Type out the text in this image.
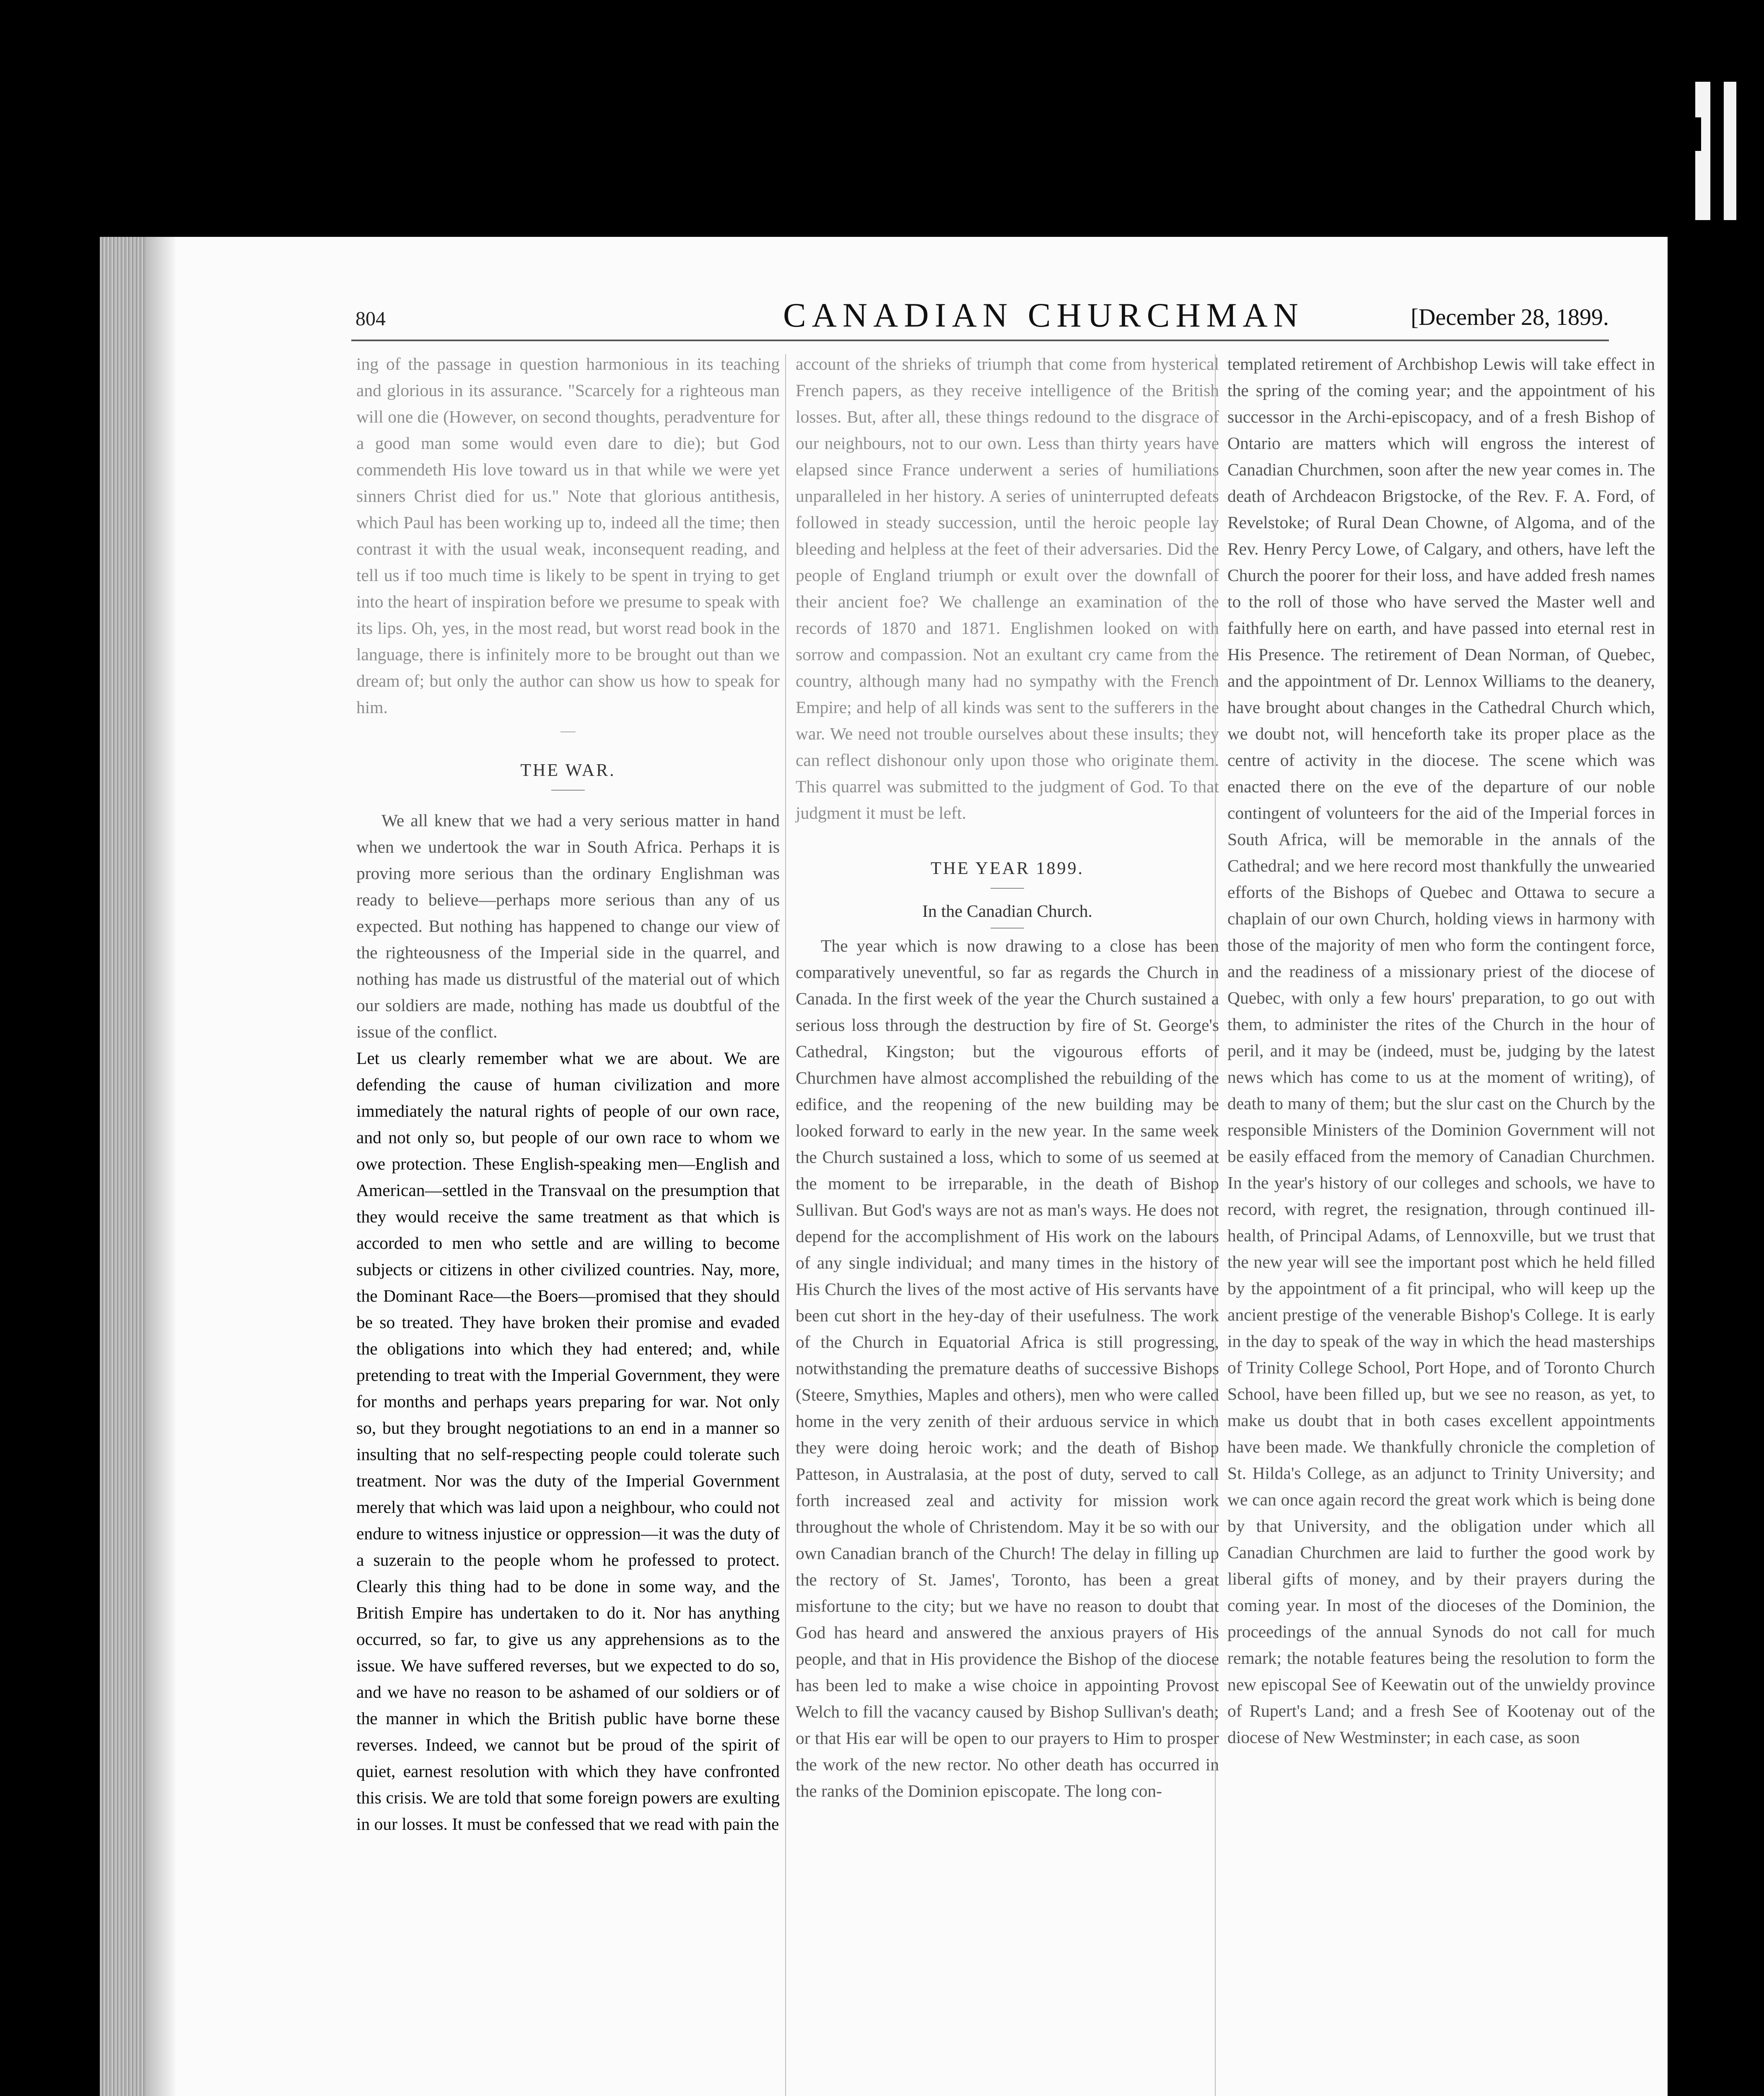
804	CANADIAN CHURCHMAN	[December 28, 1899.

ing of the passage in question harmonious in its teaching and glorious in its assurance. "Scarcely for a righteous man will one die (However, on second thoughts, peradventure for a good man some would even dare to die); but God commendeth His love toward us in that while we were yet sinners Christ died for us." Note that glorious antithesis, which Paul has been working up to, indeed all the time; then contrast it with the usual weak, inconsequent reading, and tell us if too much time is likely to be spent in trying to get into the heart of inspiration before we presume to speak with its lips. Oh, yes, in the most read, but worst read book in the language, there is infinitely more to be brought out than we dream of; but only the author can show us how to speak for him.

THE WAR.

We all knew that we had a very serious matter in hand when we undertook the war in South Africa. Perhaps it is proving more serious than the ordinary Englishman was ready to believe—perhaps more serious than any of us expected. But nothing has happened to change our view of the righteousness of the Imperial side in the quarrel, and nothing has made us distrustful of the material out of which our soldiers are made, nothing has made us doubtful of the issue of the conflict.

Let us clearly remember what we are about. We are defending the cause of human civilization and more immediately the natural rights of people of our own race, and not only so, but people of our own race to whom we owe protection. These English-speaking men—English and American—settled in the Transvaal on the presumption that they would receive the same treatment as that which is accorded to men who settle and are willing to become subjects or citizens in other civilized countries. Nay, more, the Dominant Race—the Boers—promised that they should be so treated. They have broken their promise and evaded the obligations into which they had entered; and, while pretending to treat with the Imperial Government, they were for months and perhaps years preparing for war. Not only so, but they brought negotiations to an end in a manner so insulting that no self-respecting people could tolerate such treatment. Nor was the duty of the Imperial Government merely that which was laid upon a neighbour, who could not endure to witness injustice or oppression—it was the duty of a suzerain to the people whom he professed to protect. Clearly this thing had to be done in some way, and the British Empire has undertaken to do it. Nor has anything occurred, so far, to give us any apprehensions as to the issue. We have suffered reverses, but we expected to do so, and we have no reason to be ashamed of our soldiers or of the manner in which the British public have borne these reverses. Indeed, we cannot but be proud of the spirit of quiet, earnest resolution with which they have confronted this crisis. We are told that some foreign powers are exulting in our losses. It must be confessed that we read with pain the

account of the shrieks of triumph that come from hysterical French papers, as they receive intelligence of the British losses. But, after all, these things redound to the disgrace of our neighbours, not to our own. Less than thirty years have elapsed since France underwent a series of humiliations unparalleled in her history. A series of uninterrupted defeats followed in steady succession, until the heroic people lay bleeding and helpless at the feet of their adversaries. Did the people of England triumph or exult over the downfall of their ancient foe? We challenge an examination of the records of 1870 and 1871. Englishmen looked on with sorrow and compassion. Not an exultant cry came from the country, although many had no sympathy with the French Empire; and help of all kinds was sent to the sufferers in the war. We need not trouble ourselves about these insults; they can reflect dishonour only upon those who originate them. This quarrel was submitted to the judgment of God. To that judgment it must be left.

THE YEAR 1899.

In the Canadian Church.

The year which is now drawing to a close has been comparatively uneventful, so far as regards the Church in Canada. In the first week of the year the Church sustained a serious loss through the destruction by fire of St. George's Cathedral, Kingston; but the vigourous efforts of Churchmen have almost accomplished the rebuilding of the edifice, and the reopening of the new building may be looked forward to early in the new year. In the same week the Church sustained a loss, which to some of us seemed at the moment to be irreparable, in the death of Bishop Sullivan. But God's ways are not as man's ways. He does not depend for the accomplishment of His work on the labours of any single individual; and many times in the history of His Church the lives of the most active of His servants have been cut short in the hey-day of their usefulness. The work of the Church in Equatorial Africa is still progressing, notwithstanding the premature deaths of successive Bishops (Steere, Smythies, Maples and others), men who were called home in the very zenith of their arduous service in which they were doing heroic work; and the death of Bishop Patteson, in Australasia, at the post of duty, served to call forth increased zeal and activity for mission work throughout the whole of Christendom. May it be so with our own Canadian branch of the Church! The delay in filling up the rectory of St. James', Toronto, has been a great misfortune to the city; but we have no reason to doubt that God has heard and answered the anxious prayers of His people, and that in His providence the Bishop of the diocese has been led to make a wise choice in appointing Provost Welch to fill the vacancy caused by Bishop Sullivan's death; or that His ear will be open to our prayers to Him to prosper the work of the new rector. No other death has occurred in the ranks of the Dominion episcopate. The long con-

templated retirement of Archbishop Lewis will take effect in the spring of the coming year; and the appointment of his successor in the Archi-episcopacy, and of a fresh Bishop of Ontario are matters which will engross the interest of Canadian Churchmen, soon after the new year comes in. The death of Archdeacon Brigstocke, of the Rev. F. A. Ford, of Revelstoke; of Rural Dean Chowne, of Algoma, and of the Rev. Henry Percy Lowe, of Calgary, and others, have left the Church the poorer for their loss, and have added fresh names to the roll of those who have served the Master well and faithfully here on earth, and have passed into eternal rest in His Presence. The retirement of Dean Norman, of Quebec, and the appointment of Dr. Lennox Williams to the deanery, have brought about changes in the Cathedral Church which, we doubt not, will henceforth take its proper place as the centre of activity in the diocese. The scene which was enacted there on the eve of the departure of our noble contingent of volunteers for the aid of the Imperial forces in South Africa, will be memorable in the annals of the Cathedral; and we here record most thankfully the unwearied efforts of the Bishops of Quebec and Ottawa to secure a chaplain of our own Church, holding views in harmony with those of the majority of men who form the contingent force, and the readiness of a missionary priest of the diocese of Quebec, with only a few hours' preparation, to go out with them, to administer the rites of the Church in the hour of peril, and it may be (indeed, must be, judging by the latest news which has come to us at the moment of writing), of death to many of them; but the slur cast on the Church by the responsible Ministers of the Dominion Government will not be easily effaced from the memory of Canadian Churchmen. In the year's history of our colleges and schools, we have to record, with regret, the resignation, through continued ill-health, of Principal Adams, of Lennoxville, but we trust that the new year will see the important post which he held filled by the appointment of a fit principal, who will keep up the ancient prestige of the venerable Bishop's College. It is early in the day to speak of the way in which the head masterships of Trinity College School, Port Hope, and of Toronto Church School, have been filled up, but we see no reason, as yet, to make us doubt that in both cases excellent appointments have been made. We thankfully chronicle the completion of St. Hilda's College, as an adjunct to Trinity University; and we can once again record the great work which is being done by that University, and the obligation under which all Canadian Churchmen are laid to further the good work by liberal gifts of money, and by their prayers during the coming year. In most of the dioceses of the Dominion, the proceedings of the annual Synods do not call for much remark; the notable features being the resolution to form the new episcopal See of Keewatin out of the unwieldy province of Rupert's Land; and a fresh See of Kootenay out of the diocese of New Westminster; in each case, as soon
